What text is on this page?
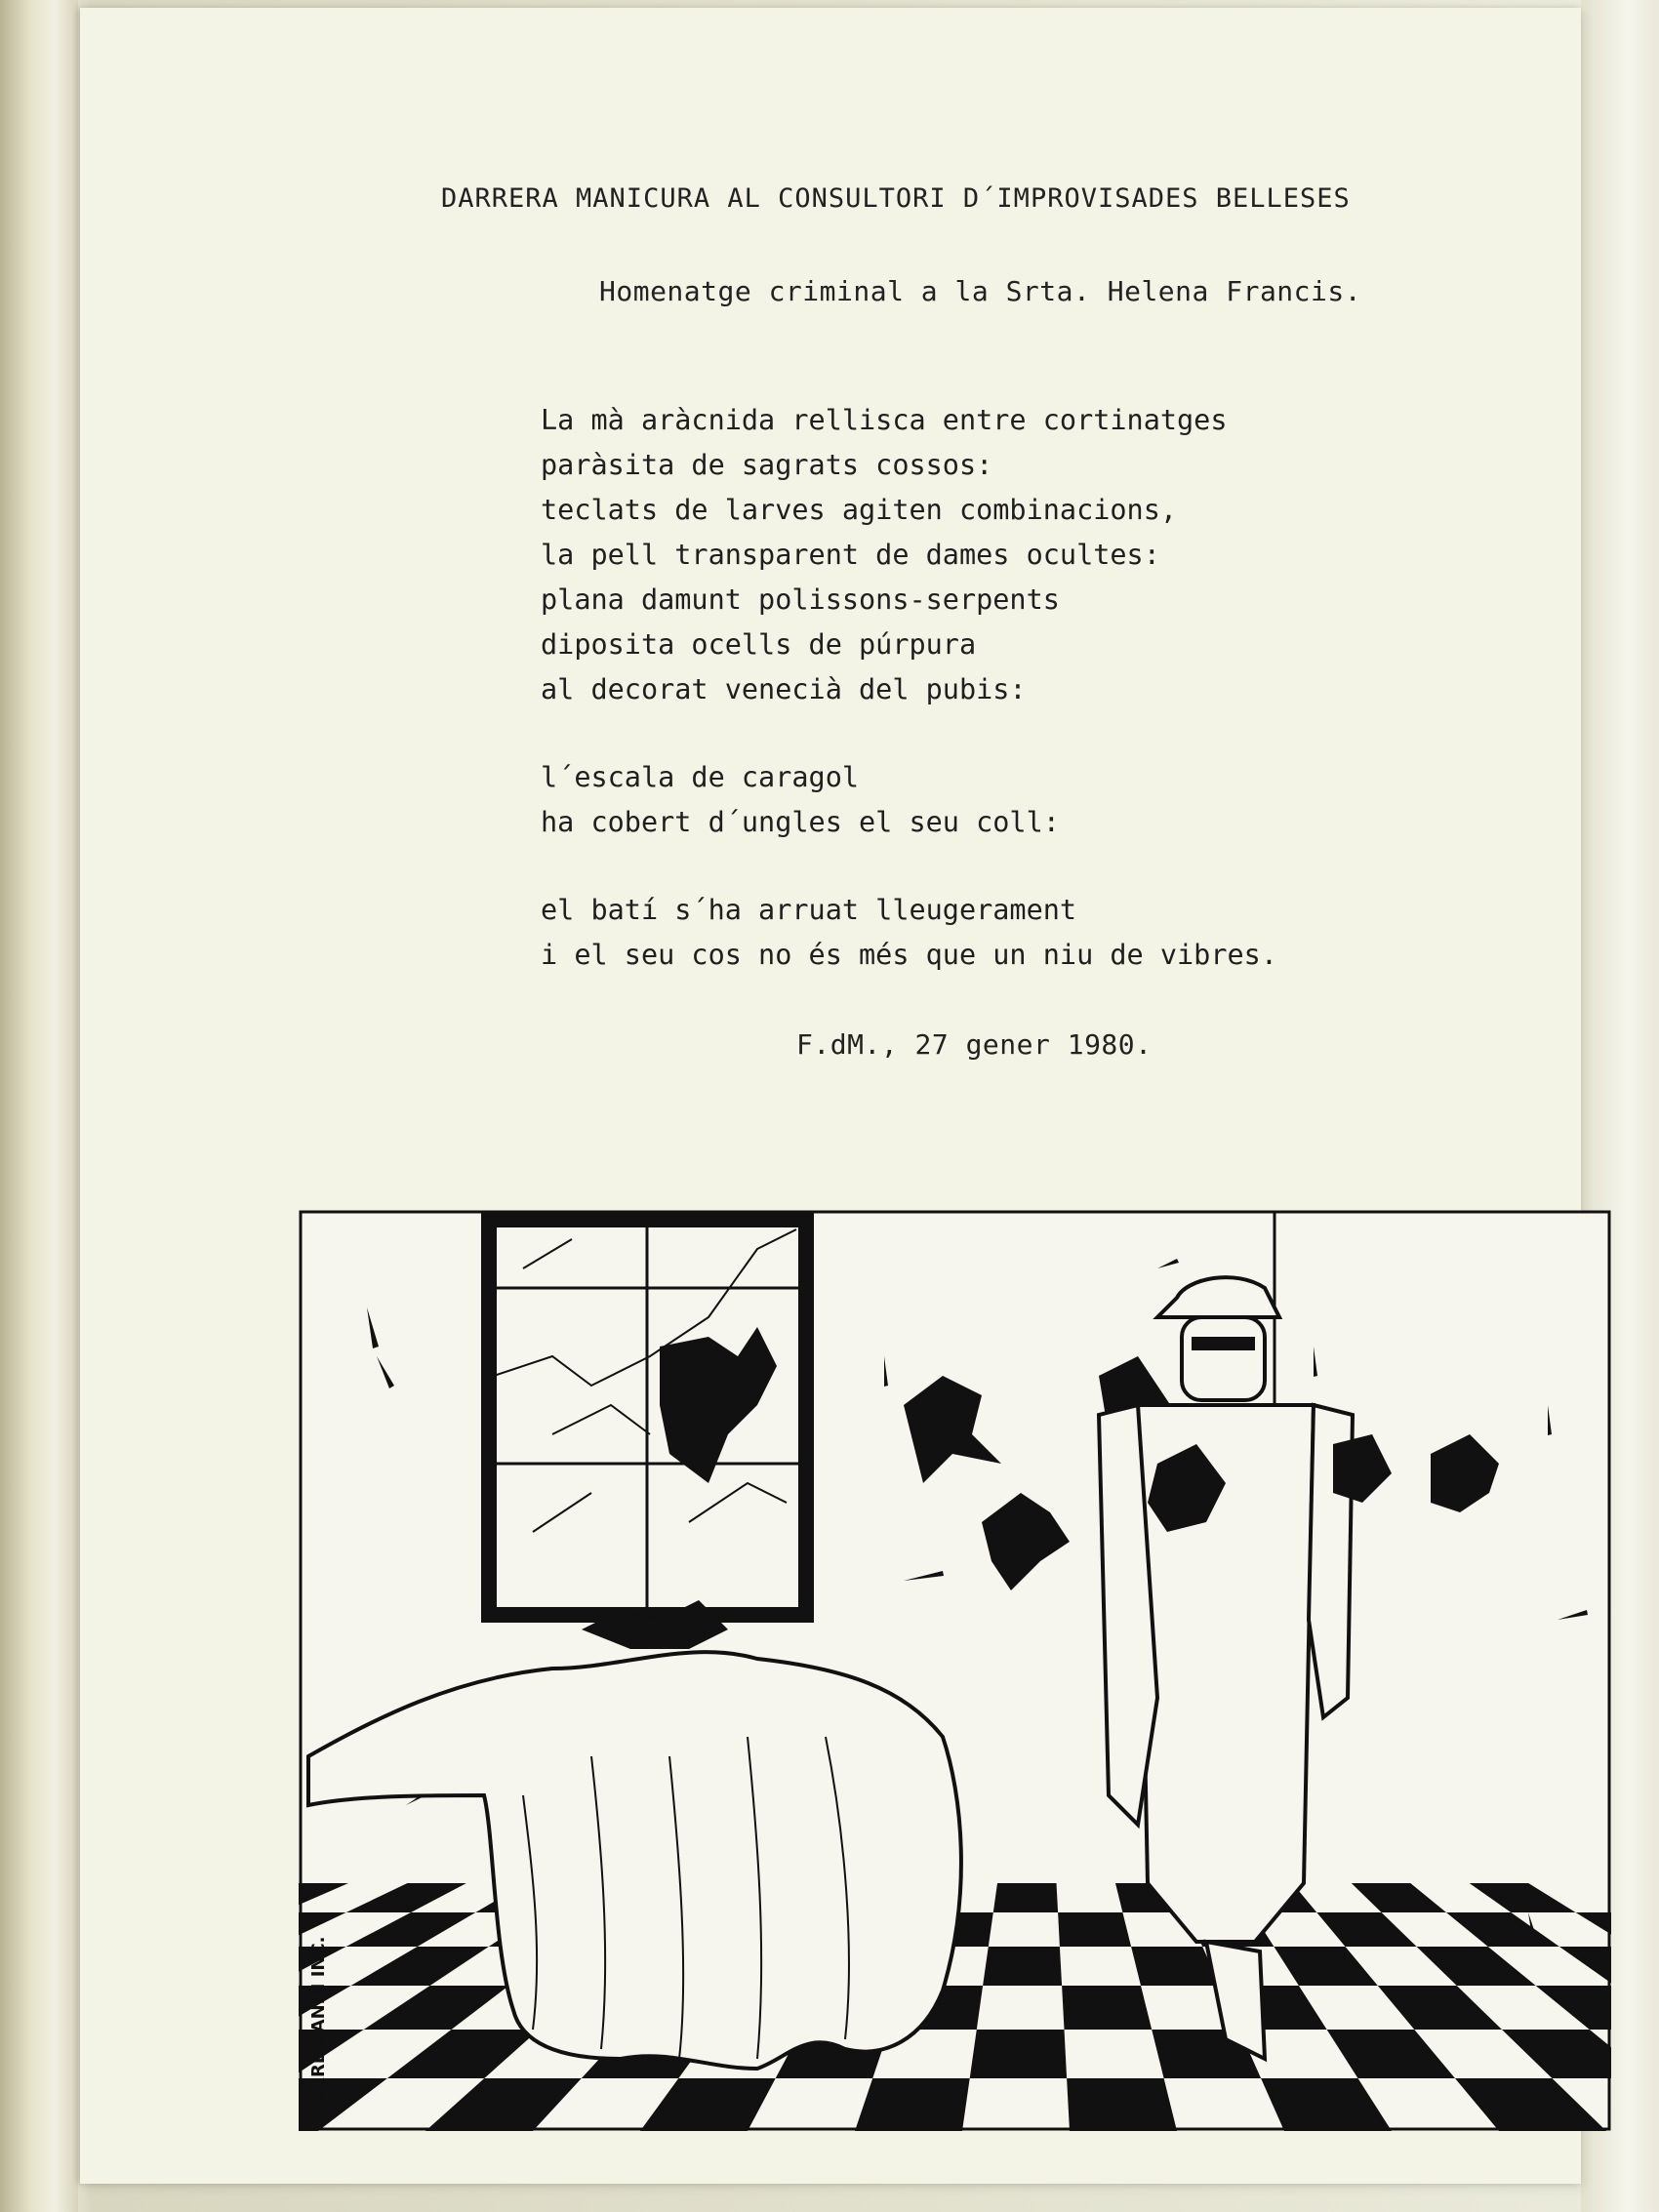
DARRERA MANICURA AL CONSULTORI D´IMPROVISADES BELLESES
Homenatge criminal a la Srta. Helena Francis.
La mà aràcnida rellisca entre cortinatges
paràsita de sagrats cossos:
teclats de larves agiten combinacions,
la pell transparent de dames ocultes:
plana damunt polissons-serpents
diposita ocells de púrpura
al decorat venecià del pubis:
l´escala de caragol
ha cobert d´ungles el seu coll:
el batí s´ha arruat lleugerament
i el seu cos no és més que un niu de vibres.
F.dM., 27 gener 1980.
PIERRE CANIN INC.
